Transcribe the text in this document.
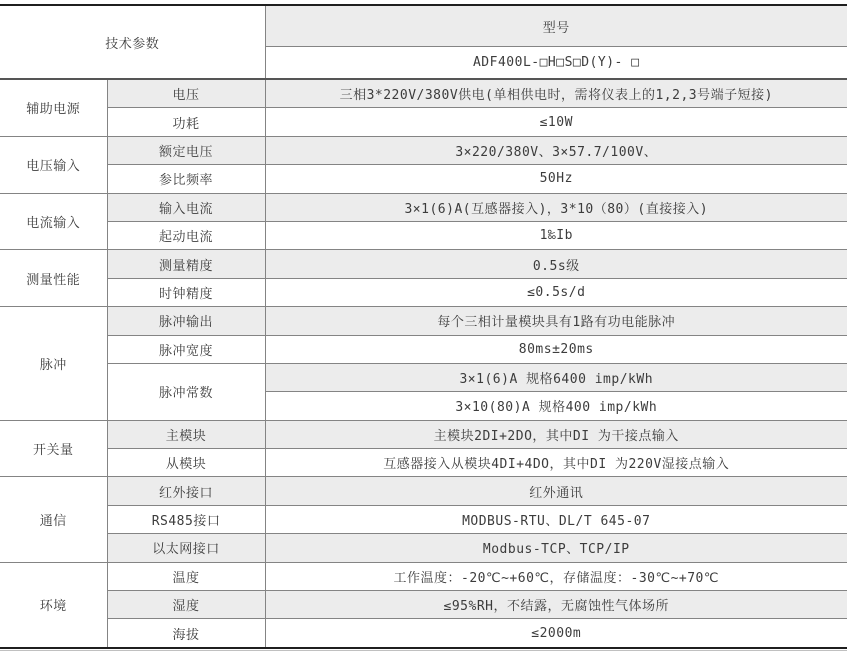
技术参数		型号
		ADF400L-□H□S□D(Y)- □
辅助电源	电压	三相3*220V/380V供电(单相供电时，需将仪表上的1,2,3号端子短接)
	功耗	≤10W
电压输入	额定电压	3×220/380V、3×57.7/100V、
	参比频率	50Hz
电流输入	输入电流	3×1(6)A(互感器接入)，3*10（80）(直接接入)
	起动电流	1‰Ib
测量性能	测量精度	0.5s级
	时钟精度	≤0.5s/d
脉冲	脉冲输出	每个三相计量模块具有1路有功电能脉冲
	脉冲宽度	80ms±20ms
	脉冲常数	3×1(6)A 规格6400 imp/kWh
		3×10(80)A 规格400 imp/kWh
开关量	主模块	主模块2DI+2DO，其中DI 为干接点输入
	从模块	互感器接入从模块4DI+4DO，其中DI 为220V湿接点输入
通信	红外接口	红外通讯
	RS485接口	MODBUS-RTU、DL/T 645-07
	以太网接口	Modbus-TCP、TCP/IP
环境	温度	工作温度：-20℃~+60℃，存储温度：-30℃~+70℃
	湿度	≤95%RH，不结露，无腐蚀性气体场所
	海拔	≤2000m
